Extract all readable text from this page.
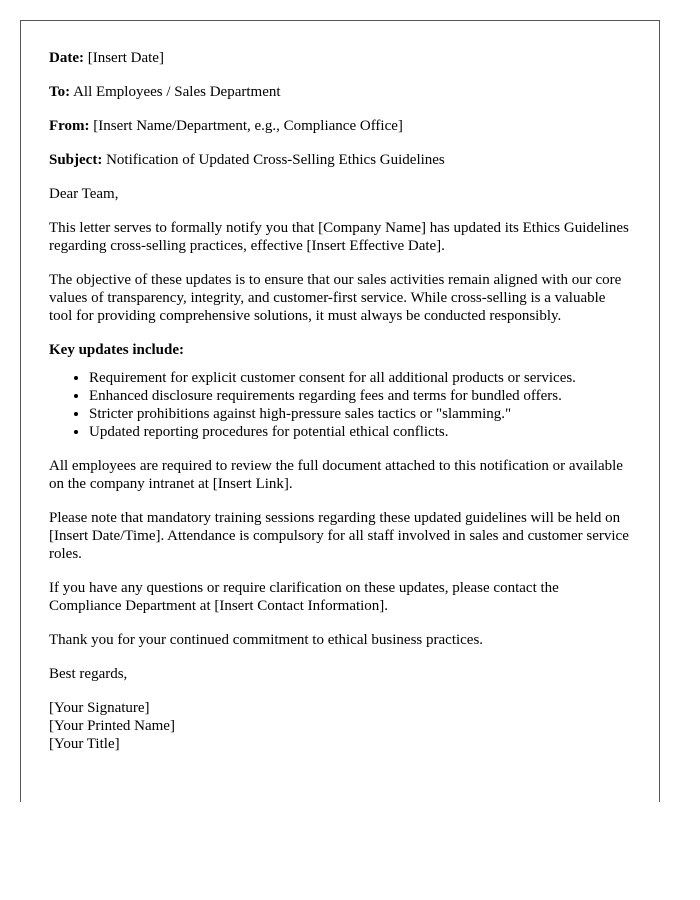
Date: [Insert Date]
To: All Employees / Sales Department
From: [Insert Name/Department, e.g., Compliance Office]
Subject: Notification of Updated Cross-Selling Ethics Guidelines

Dear Team,

This letter serves to formally notify you that [Company Name] has updated its Ethics Guidelines regarding cross-selling practices, effective [Insert Effective Date].

The objective of these updates is to ensure that our sales activities remain aligned with our core values of transparency, integrity, and customer-first service. While cross-selling is a valuable tool for providing comprehensive solutions, it must always be conducted responsibly.

Key updates include:

• Requirement for explicit customer consent for all additional products or services.
• Enhanced disclosure requirements regarding fees and terms for bundled offers.
• Stricter prohibitions against high-pressure sales tactics or "slamming."
• Updated reporting procedures for potential ethical conflicts.

All employees are required to review the full document attached to this notification or available on the company intranet at [Insert Link].

Please note that mandatory training sessions regarding these updated guidelines will be held on [Insert Date/Time]. Attendance is compulsory for all staff involved in sales and customer service roles.

If you have any questions or require clarification on these updates, please contact the Compliance Department at [Insert Contact Information].

Thank you for your continued commitment to ethical business practices.

Best regards,

[Your Signature]
[Your Printed Name]
[Your Title]
